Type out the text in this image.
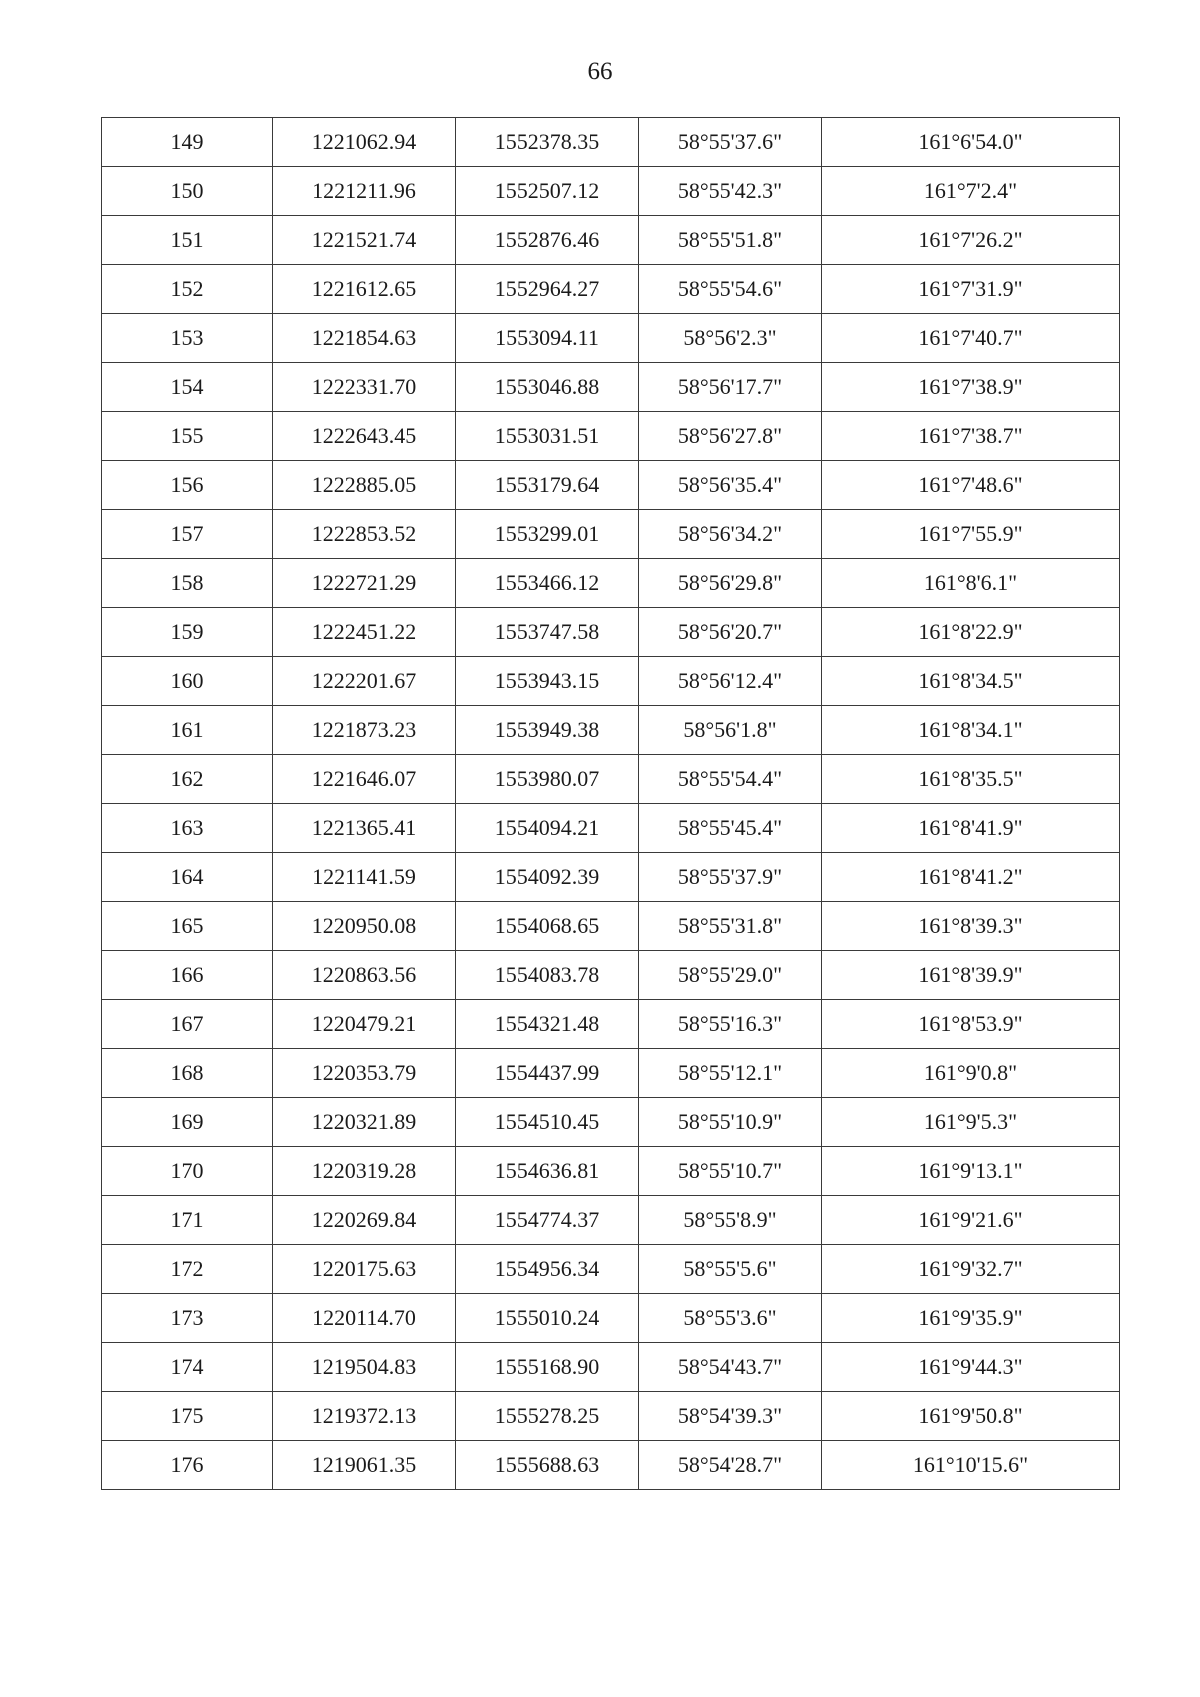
66
149	1221062.94	1552378.35	58°55'37.6"	161°6'54.0"
150	1221211.96	1552507.12	58°55'42.3"	161°7'2.4"
151	1221521.74	1552876.46	58°55'51.8"	161°7'26.2"
152	1221612.65	1552964.27	58°55'54.6"	161°7'31.9"
153	1221854.63	1553094.11	58°56'2.3"	161°7'40.7"
154	1222331.70	1553046.88	58°56'17.7"	161°7'38.9"
155	1222643.45	1553031.51	58°56'27.8"	161°7'38.7"
156	1222885.05	1553179.64	58°56'35.4"	161°7'48.6"
157	1222853.52	1553299.01	58°56'34.2"	161°7'55.9"
158	1222721.29	1553466.12	58°56'29.8"	161°8'6.1"
159	1222451.22	1553747.58	58°56'20.7"	161°8'22.9"
160	1222201.67	1553943.15	58°56'12.4"	161°8'34.5"
161	1221873.23	1553949.38	58°56'1.8"	161°8'34.1"
162	1221646.07	1553980.07	58°55'54.4"	161°8'35.5"
163	1221365.41	1554094.21	58°55'45.4"	161°8'41.9"
164	1221141.59	1554092.39	58°55'37.9"	161°8'41.2"
165	1220950.08	1554068.65	58°55'31.8"	161°8'39.3"
166	1220863.56	1554083.78	58°55'29.0"	161°8'39.9"
167	1220479.21	1554321.48	58°55'16.3"	161°8'53.9"
168	1220353.79	1554437.99	58°55'12.1"	161°9'0.8"
169	1220321.89	1554510.45	58°55'10.9"	161°9'5.3"
170	1220319.28	1554636.81	58°55'10.7"	161°9'13.1"
171	1220269.84	1554774.37	58°55'8.9"	161°9'21.6"
172	1220175.63	1554956.34	58°55'5.6"	161°9'32.7"
173	1220114.70	1555010.24	58°55'3.6"	161°9'35.9"
174	1219504.83	1555168.90	58°54'43.7"	161°9'44.3"
175	1219372.13	1555278.25	58°54'39.3"	161°9'50.8"
176	1219061.35	1555688.63	58°54'28.7"	161°10'15.6"
